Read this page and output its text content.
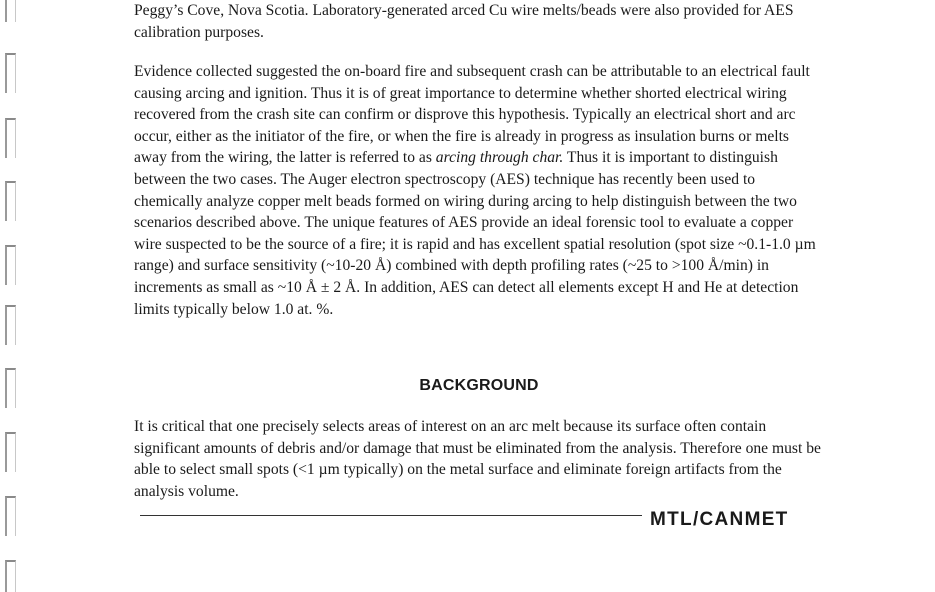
Peggy’s Cove, Nova Scotia. Laboratory-generated arced Cu wire melts/beads were also provided for AES calibration purposes.

Evidence collected suggested the on-board fire and subsequent crash can be attributable to an electrical fault causing arcing and ignition. Thus it is of great importance to determine whether shorted electrical wiring recovered from the crash site can confirm or disprove this hypothesis. Typically an electrical short and arc occur, either as the initiator of the fire, or when the fire is already in progress as insulation burns or melts away from the wiring, the latter is referred to as arcing through char. Thus it is important to distinguish between the two cases. The Auger electron spectroscopy (AES) technique has recently been used to chemically analyze copper melt beads formed on wiring during arcing to help distinguish between the two scenarios described above. The unique features of AES provide an ideal forensic tool to evaluate a copper wire suspected to be the source of a fire; it is rapid and has excellent spatial resolution (spot size ~0.1-1.0 µm range) and surface sensitivity (~10-20 Å) combined with depth profiling rates (~25 to >100 Å/min) in increments as small as ~10 Å ± 2 Å. In addition, AES can detect all elements except H and He at detection limits typically below 1.0 at. %.

BACKGROUND

It is critical that one precisely selects areas of interest on an arc melt because its surface often contain significant amounts of debris and/or damage that must be eliminated from the analysis. Therefore one must be able to select small spots (<1 µm typically) on the metal surface and eliminate foreign artifacts from the analysis volume.

MTL/CANMET
